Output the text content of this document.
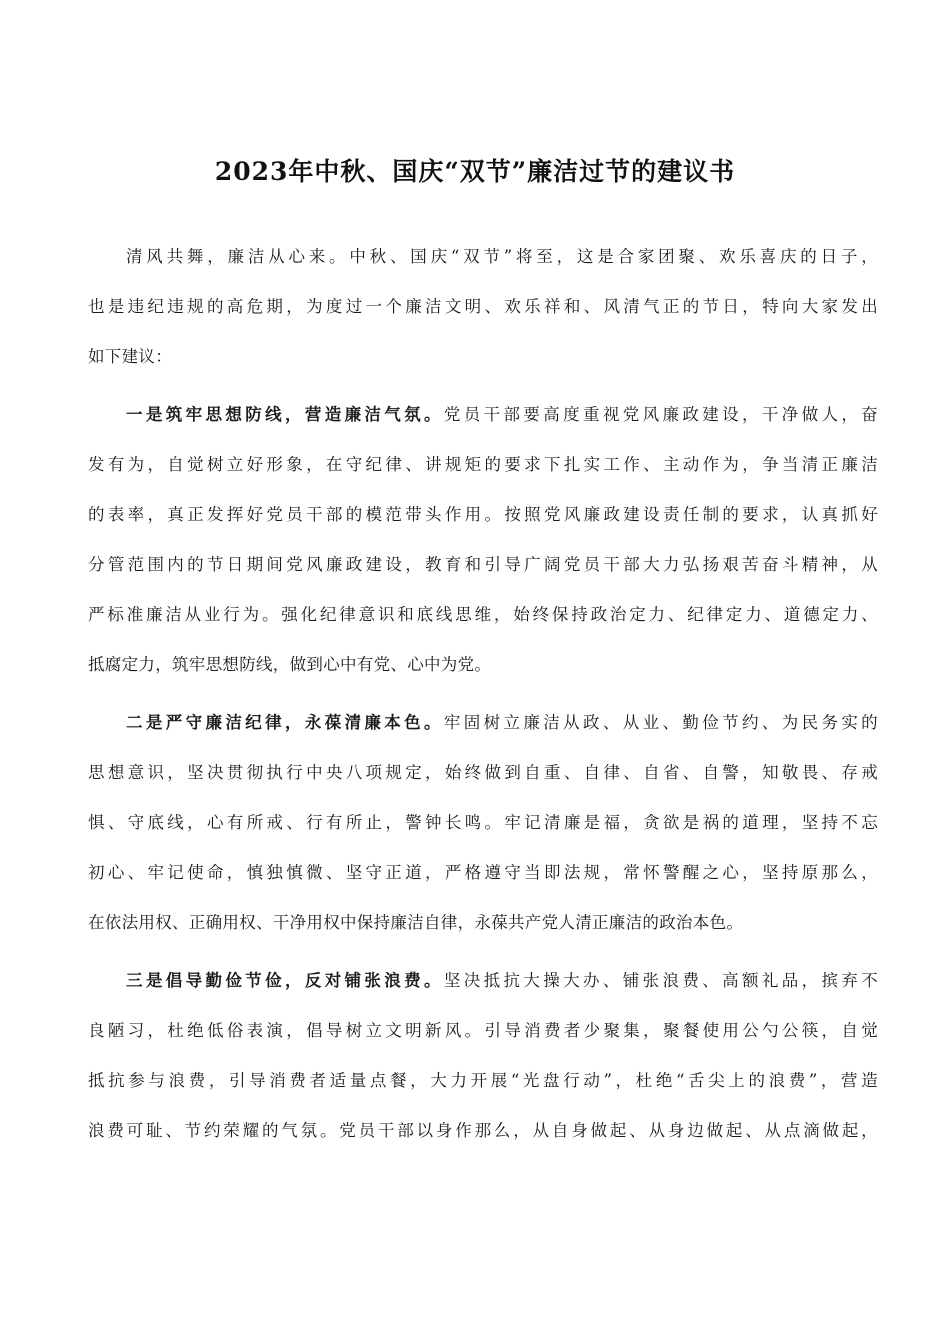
2023年中秋、国庆“双节”廉洁过节的建议书
清风共舞，廉洁从心来。中秋、国庆“双节”将至，这是合家团聚、欢乐喜庆的日子，
也是违纪违规的高危期，为度过一个廉洁文明、欢乐祥和、风清气正的节日，特向大家发出
如下建议：
一是筑牢思想防线，营造廉洁气氛。党员干部要高度重视党风廉政建设，干净做人，奋
发有为，自觉树立好形象，在守纪律、讲规矩的要求下扎实工作、主动作为，争当清正廉洁
的表率，真正发挥好党员干部的模范带头作用。按照党风廉政建设责任制的要求，认真抓好
分管范围内的节日期间党风廉政建设，教育和引导广阔党员干部大力弘扬艰苦奋斗精神，从
严标准廉洁从业行为。强化纪律意识和底线思维，始终保持政治定力、纪律定力、道德定力、
抵腐定力，筑牢思想防线，做到心中有党、心中为党。
二是严守廉洁纪律，永葆清廉本色。牢固树立廉洁从政、从业、勤俭节约、为民务实的
思想意识，坚决贯彻执行中央八项规定，始终做到自重、自律、自省、自警，知敬畏、存戒
惧、守底线，心有所戒、行有所止，警钟长鸣。牢记清廉是福，贪欲是祸的道理，坚持不忘
初心、牢记使命，慎独慎微、坚守正道，严格遵守当即法规，常怀警醒之心，坚持原那么，
在依法用权、正确用权、干净用权中保持廉洁自律，永葆共产党人清正廉洁的政治本色。
三是倡导勤俭节俭，反对铺张浪费。坚决抵抗大操大办、铺张浪费、高额礼品，摈弃不
良陋习，杜绝低俗表演，倡导树立文明新风。引导消费者少聚集，聚餐使用公勺公筷，自觉
抵抗参与浪费，引导消费者适量点餐，大力开展“光盘行动”，杜绝“舌尖上的浪费”，营造
浪费可耻、节约荣耀的气氛。党员干部以身作那么，从自身做起、从身边做起、从点滴做起，
